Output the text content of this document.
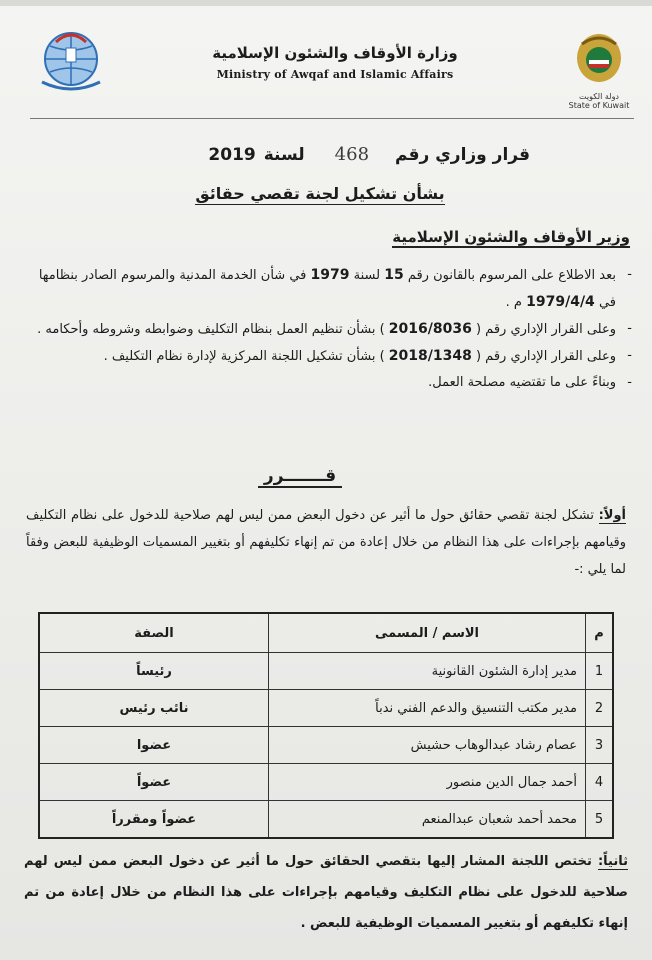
وزارة الأوقاف والشئون الإسلامية
Ministry of Awqaf and Islamic Affairs
دولة الكويت
State of Kuwait
قرار وزاري رقم468لسنة2019
بشأن تشكيل لجنة تقصي حقائق
وزير الأوقاف والشئون الإسلامية
- بعد الاطلاع على المرسوم بالقانون رقم 15 لسنة 1979 في شأن الخدمة المدنية والمرسوم الصادر بنظامها في 1979/4/4 م .
- وعلى القرار الإداري رقم ( 2016/8036 ) بشأن تنظيم العمل بنظام التكليف وضوابطه وشروطه وأحكامه .
- وعلى القرار الإداري رقم ( 2018/1348 ) بشأن تشكيل اللجنة المركزية لإدارة نظام التكليف .
- وبناءً على ما تقتضيه مصلحة العمل.
قـــــــرر
أولاً: تشكل لجنة تقصي حقائق حول ما أثير عن دخول البعض ممن ليس لهم صلاحية للدخول على نظام التكليف وقيامهم بإجراءات على هذا النظام من خلال إعادة من تم إنهاء تكليفهم أو بتغيير المسميات الوظيفية للبعض وفقاً لما يلي :-
م	الاسم / المسمى	الصفة
1	مدير إدارة الشئون القانونية	رئيساً
2	مدير مكتب التنسيق والدعم الفني ندباً	نائب رئيس
3	عصام رشاد عبدالوهاب حشيش	عضوا
4	أحمد جمال الدين منصور	عضواً
5	محمد أحمد شعبان عبدالمنعم	عضواً ومقرراً
ثانياً: تختص اللجنة المشار إليها بتقصي الحقائق حول ما أثير عن دخول البعض ممن ليس لهم صلاحية للدخول على نظام التكليف وقيامهم بإجراءات على هذا النظام من خلال إعادة من تم إنهاء تكليفهم أو بتغيير المسميات الوظيفية للبعض .
